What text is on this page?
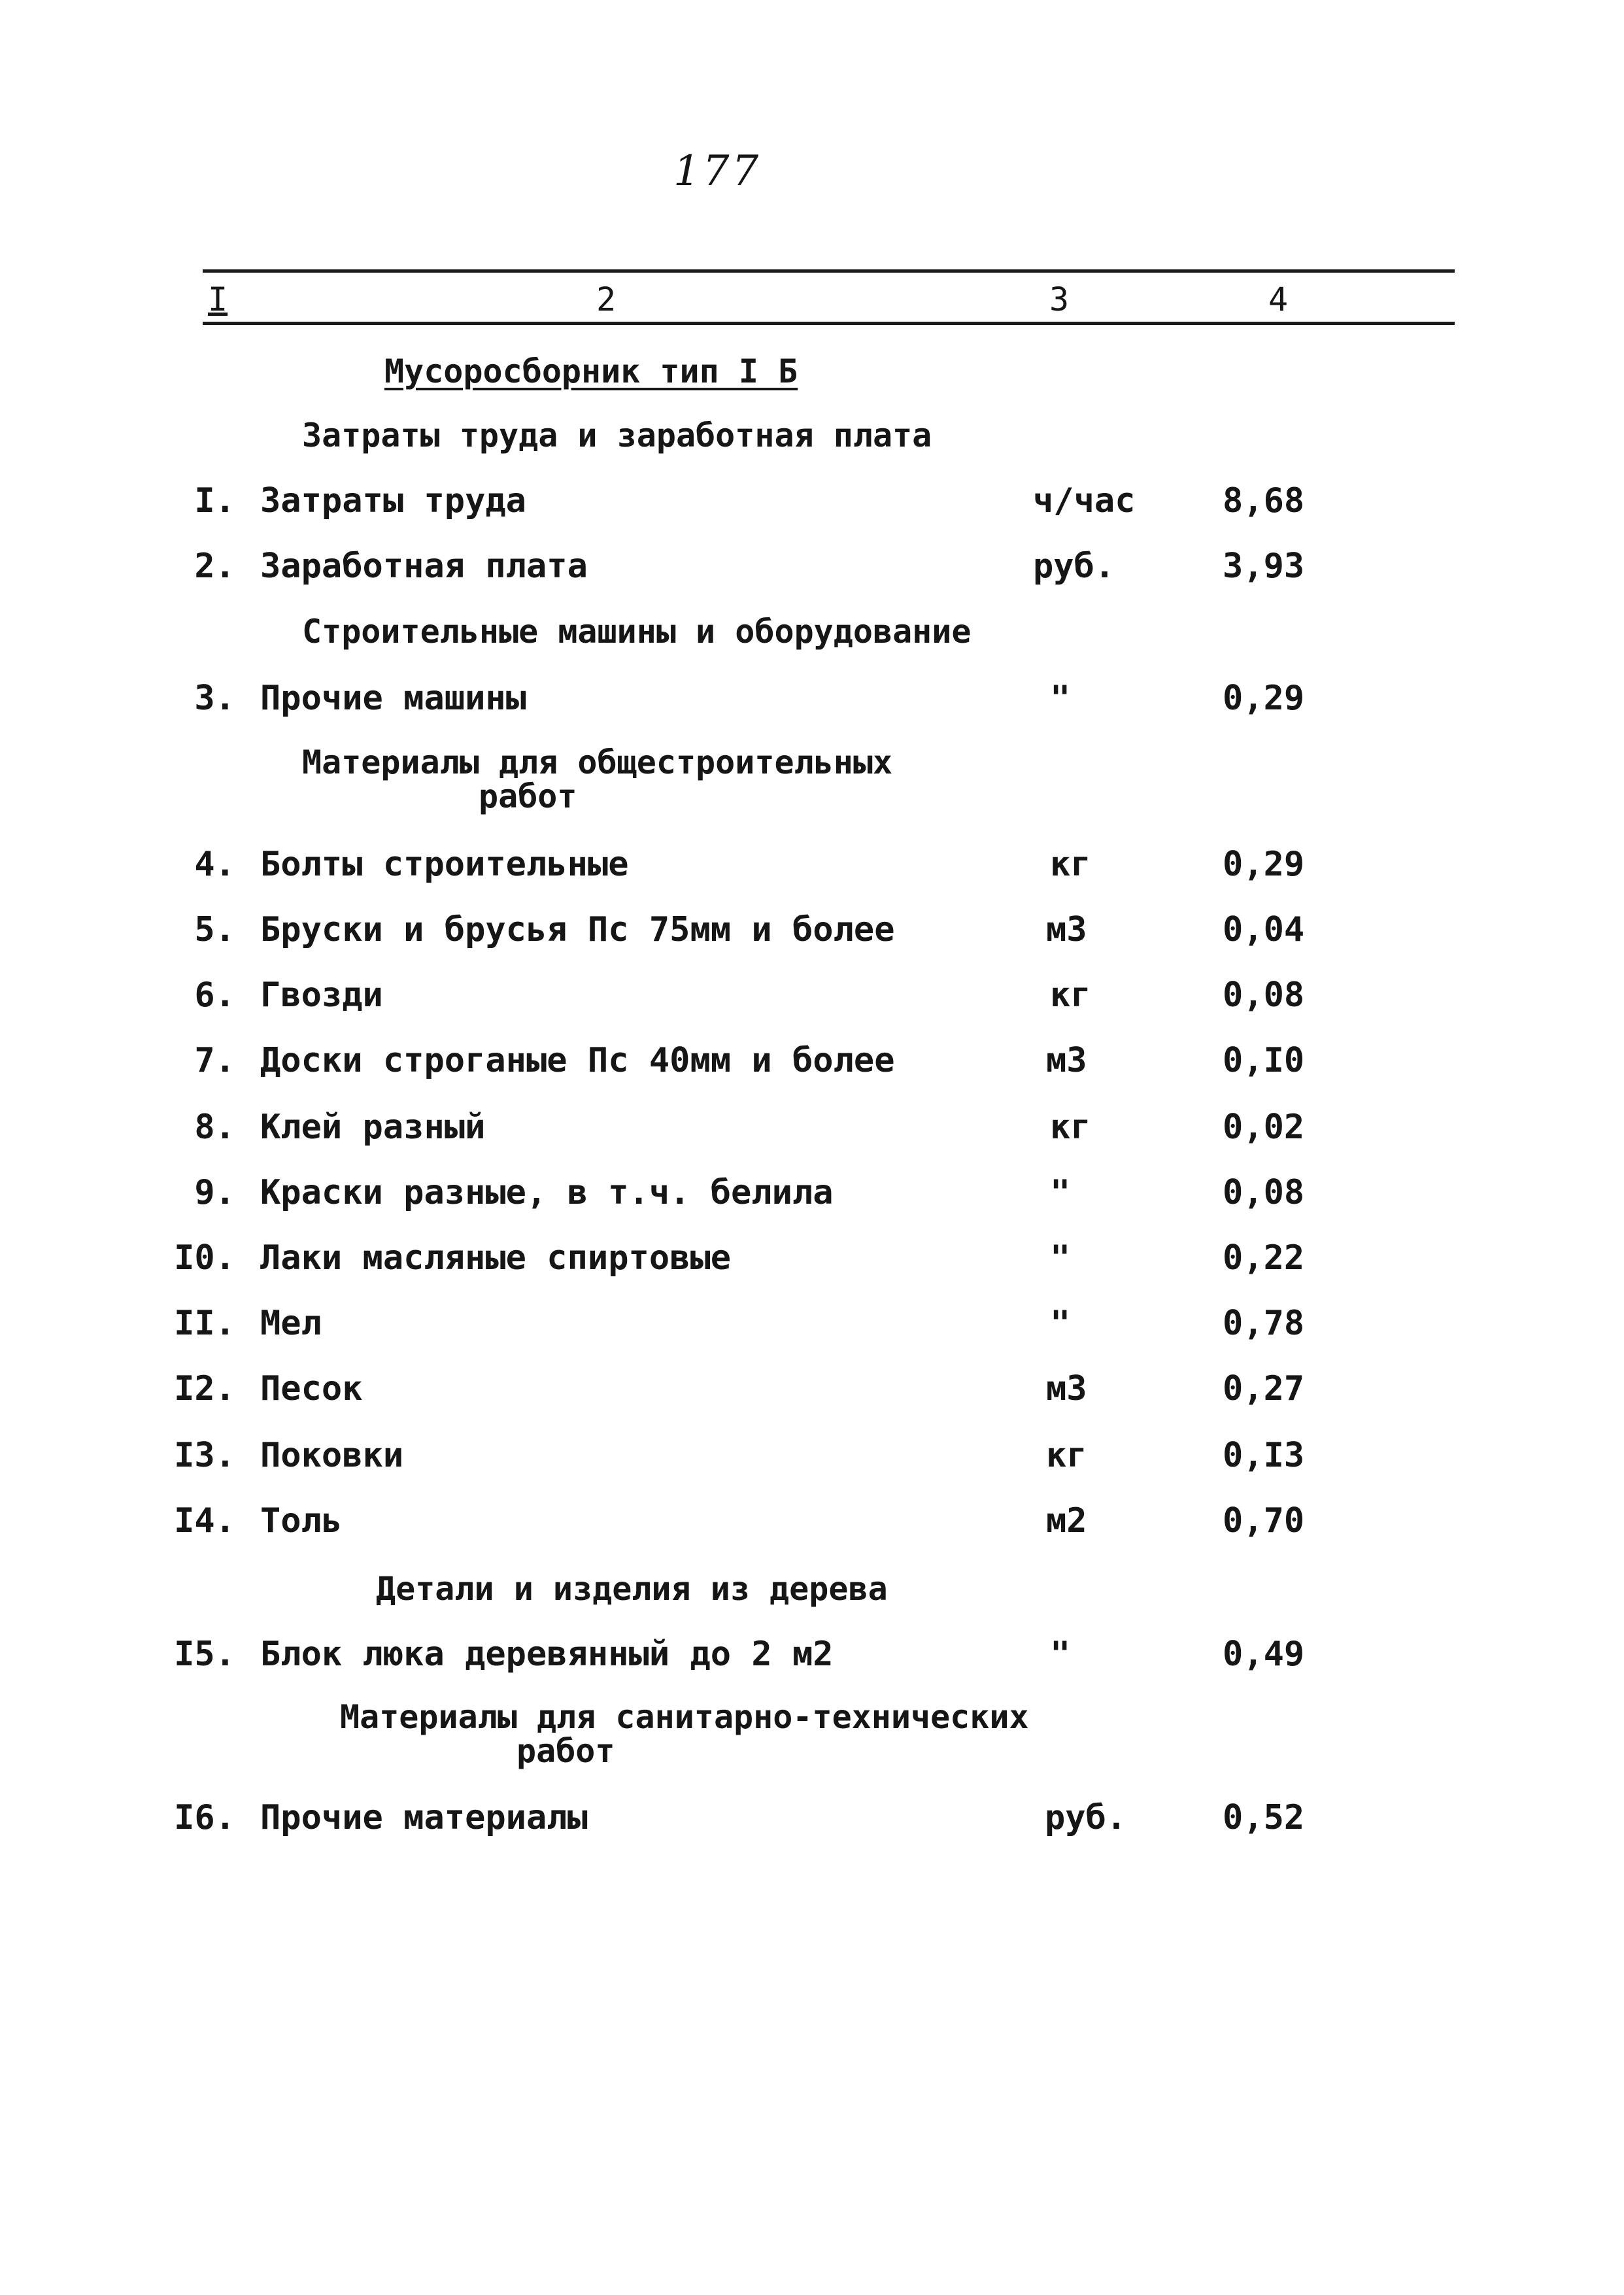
177
I	2	3	4
Мусоросборник тип I Б
Затраты труда и заработная плата
I. Затраты труда	ч/час	8,68
2. Заработная плата	руб.	3,93
Строительные машины и оборудование
3. Прочие машины	"	0,29
Материалы для общестроительных
работ
4. Болты строительные	кг	0,29
5. Бруски и брусья Пс 75мм и более	м3	0,04
6. Гвозди	кг	0,08
7. Доски строганые Пс 40мм и более	м3	0,I0
8. Клей разный	кг	0,02
9. Краски разные, в т.ч. белила	"	0,08
I0. Лаки масляные спиртовые	"	0,22
II. Мел	"	0,78
I2. Песок	м3	0,27
I3. Поковки	кг	0,I3
I4. Толь	м2	0,70
Детали и изделия из дерева
I5. Блок люка деревянный до 2 м2	"	0,49
Материалы для санитарно-технических
работ
I6. Прочие материалы	руб.	0,52
